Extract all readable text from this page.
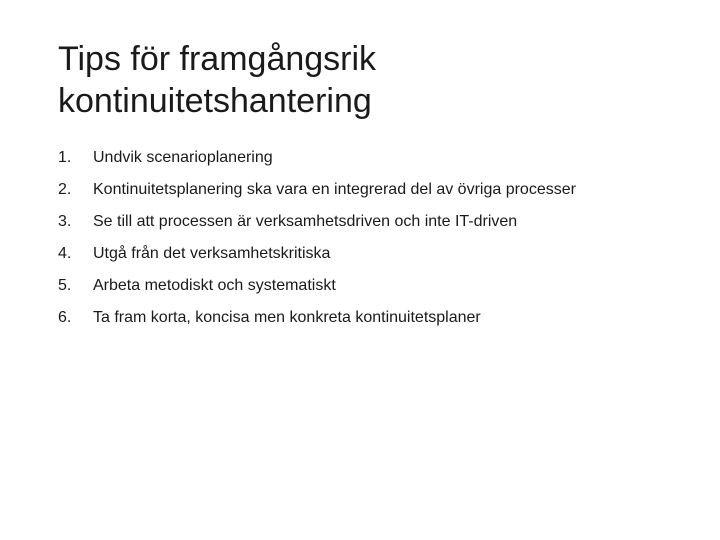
Tips för framgångsrik
kontinuitetshantering
1.	Undvik scenarioplanering
2.	Kontinuitetsplanering ska vara en integrerad del av övriga processer
3.	Se till att processen är verksamhetsdriven och inte IT-driven
4.	Utgå från det verksamhetskritiska
5.	Arbeta metodiskt och systematiskt
6.	Ta fram korta, koncisa men konkreta kontinuitetsplaner
